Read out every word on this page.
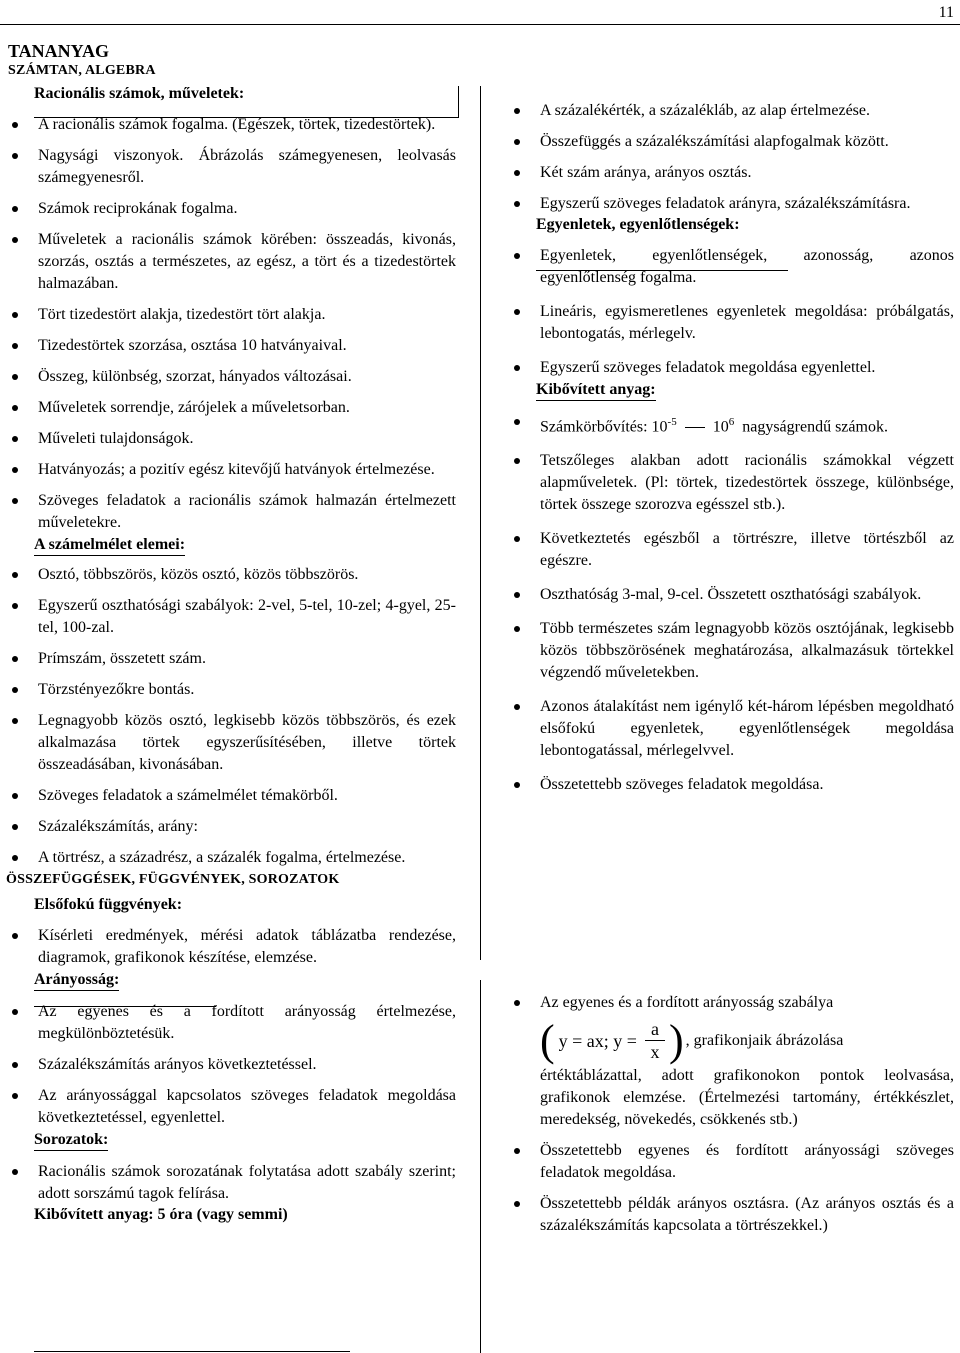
11
TANANYAG
SZÁMTAN, ALGEBRA
Racionális számok, műveletek:
A racionális számok fogalma. (Egészek, törtek, tizedestörtek).
Nagysági viszonyok. Ábrázolás számegyenesen, leolvasás számegyenesről.
Számok reciprokának fogalma.
Műveletek a racionális számok körében: összeadás, kivonás, szorzás, osztás a természetes, az egész, a tört és a tizedestörtek halmazában.
Tört tizedestört alakja, tizedestört tört alakja.
Tizedestörtek szorzása, osztása 10 hatványaival.
Összeg, különbség, szorzat, hányados változásai.
Műveletek sorrendje, zárójelek a műveletsorban.
Műveleti tulajdonságok.
Hatványozás; a pozitív egész kitevőjű hatványok értelmezése.
Szöveges feladatok a racionális számok halmazán értelmezett műveletekre.
A számelmélet elemei:
Osztó, többszörös, közös osztó, közös többszörös.
Egyszerű oszthatósági szabályok: 2-vel, 5-tel, 10-zel; 4-gyel, 25-tel, 100-zal.
Prímszám, összetett szám.
Törzstényezőkre bontás.
Legnagyobb közös osztó, legkisebb közös többszörös, és ezek alkalmazása törtek egyszerűsítésében, illetve törtek összeadásában, kivonásában.
Szöveges feladatok a számelmélet témakörből.
Százalékszámítás, arány:
A törtrész, a századrész, a százalék fogalma, értelmezése.
ÖSSZEFÜGGÉSEK, FÜGGVÉNYEK, SOROZATOK
Elsőfokú függvények:
Kísérleti eredmények, mérési adatok táblázatba rendezése, diagramok, grafikonok készítése, elemzése.
Arányosság:
Az egyenes és a fordított arányosság értelmezése, megkülönböztetésük.
Százalékszámítás arányos következtetéssel.
Az arányossággal kapcsolatos szöveges feladatok megoldása következtetéssel, egyenlettel.
Sorozatok:
Racionális számok sorozatának folytatása adott szabály szerint; adott sorszámú tagok felírása.
Kibővített anyag: 5 óra (vagy semmi)
A százalékérték, a százalékláb, az alap értelmezése.
Összefüggés a százalékszámítási alapfogalmak között.
Két szám aránya, arányos osztás.
Egyszerű szöveges feladatok arányra, százalékszámításra.
Egyenletek, egyenlőtlenségek:
Egyenletek, egyenlőtlenségek, azonosság, azonos egyenlőtlenség fogalma.
Lineáris, egyismeretlenes egyenletek megoldása: próbálgatás, lebontogatás, mérlegelv.
Egyszerű szöveges feladatok megoldása egyenlettel.
Kibővített anyag:
Számkörbővítés: $10^{-5}$ $10^6$ nagyságrendű számok.
Tetszőleges alakban adott racionális számokkal végzett alapműveletek. (Pl: törtek, tizedestörtek összege, különbsége, törtek összege szorozva egésszel stb.).
Következtetés egészből a törtrészre, illetve törtészből az egészre.
Oszthatóság 3-mal, 9-cel. Összetett oszthatósági szabályok.
Több természetes szám legnagyobb közös osztójának, legkisebb közös többszörösének meghatározása, alkalmazásuk törtekkel végzendő műveletekben.
Azonos átalakítást nem igénylő két-három lépésben megoldható elsőfokú egyenletek, egyenlőtlenségek megoldása lebontogatással, mérlegelvvel.
Összetettebb szöveges feladatok megoldása.
Az egyenes és a fordított arányosság szabálya
( y = ax; $y = \frac{a}{x}$ ) , grafikonjaik ábrázolása
értéktáblázattal, adott grafikonokon pontok leolvasása, grafikonok elemzése. (Értelmezési tartomány, értékkészlet, meredekség, növekedés, csökkenés stb.)
Összetettebb egyenes és fordított arányossági szöveges feladatok megoldása.
Összetettebb példák arányos osztásra. (Az arányos osztás és a százalékszámítás kapcsolata a törtrészekkel.)
